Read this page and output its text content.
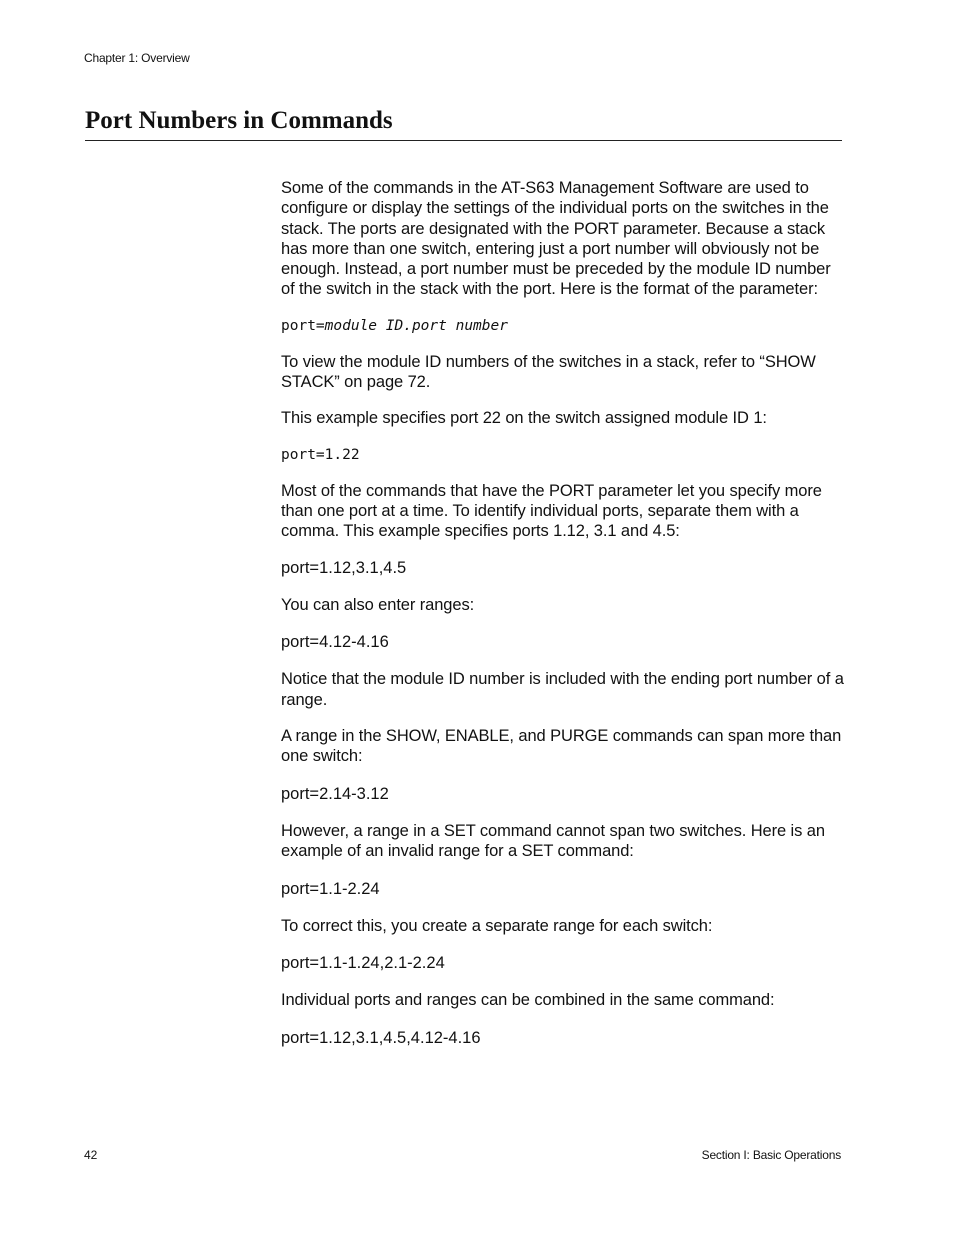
Chapter 1: Overview
Port Numbers in Commands

Some of the commands in the AT-S63 Management Software are used to configure or display the settings of the individual ports on the switches in the stack. The ports are designated with the PORT parameter. Because a stack has more than one switch, entering just a port number will obviously not be enough. Instead, a port number must be preceded by the module ID number of the switch in the stack with the port. Here is the format of the parameter:

port=module ID.port number

To view the module ID numbers of the switches in a stack, refer to “SHOW STACK” on page 72.

This example specifies port 22 on the switch assigned module ID 1:

port=1.22

Most of the commands that have the PORT parameter let you specify more than one port at a time. To identify individual ports, separate them with a comma. This example specifies ports 1.12, 3.1 and 4.5:

port=1.12,3.1,4.5

You can also enter ranges:

port=4.12-4.16

Notice that the module ID number is included with the ending port number of a range.

A range in the SHOW, ENABLE, and PURGE commands can span more than one switch:

port=2.14-3.12

However, a range in a SET command cannot span two switches. Here is an example of an invalid range for a SET command:

port=1.1-2.24

To correct this, you create a separate range for each switch:

port=1.1-1.24,2.1-2.24

Individual ports and ranges can be combined in the same command:

port=1.12,3.1,4.5,4.12-4.16

42	Section I: Basic Operations
